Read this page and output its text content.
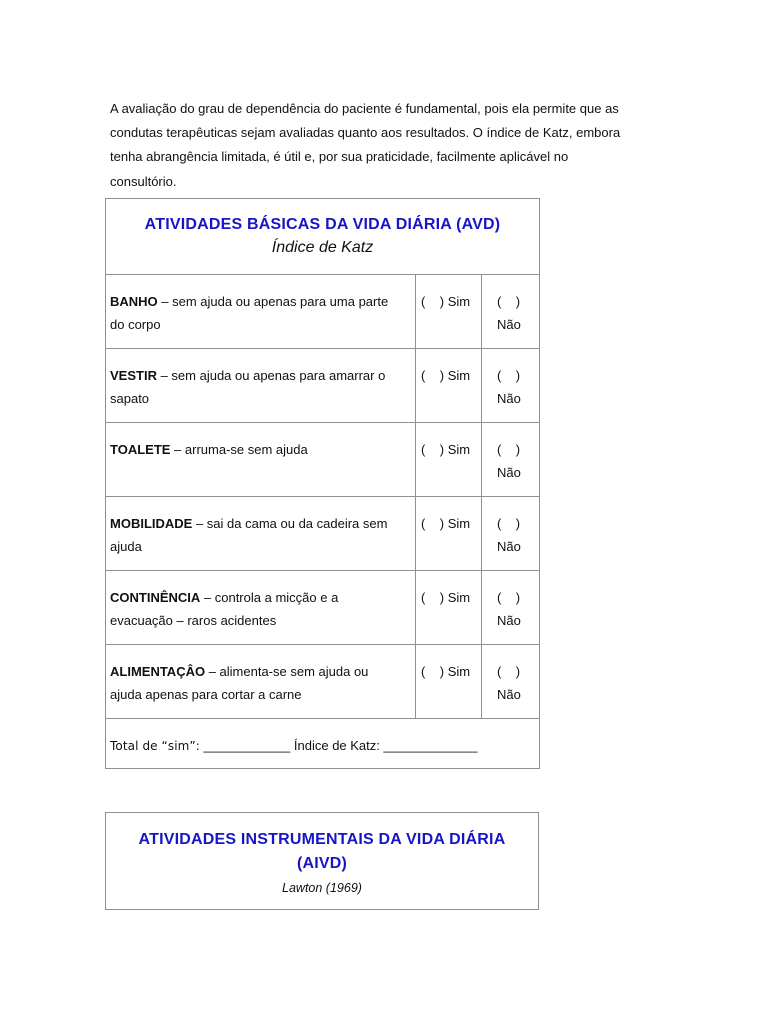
A avaliação do grau de dependência do paciente é fundamental, pois ela permite que as
condutas terapêuticas sejam avaliadas quanto aos resultados. O índice de Katz, embora
tenha abrangência limitada, é útil e, por sua praticidade, facilmente aplicável no
consultório.
ATIVIDADES BÁSICAS DA VIDA DIÁRIA (AVD)
Índice de Katz
BANHO – sem ajuda ou apenas para uma parte
do corpo
(    ) Sim (    )
Não
VESTIR – sem ajuda ou apenas para amarrar o
sapato
(    ) Sim (    )
Não
TOALETE – arruma-se sem ajuda	(    ) Sim (    )
Não
MOBILIDADE – sai da cama ou da cadeira sem
ajuda
(    ) Sim (    )
Não
CONTINÊNCIA – controla a micção e a
evacuação – raros acidentes
(    ) Sim (    )
Não
ALIMENTAÇÂO – alimenta-se sem ajuda ou
ajuda apenas para cortar a carne
(    ) Sim (    )
Não
Total de “sim”: ____________ Índice de Katz: _____________
ATIVIDADES INSTRUMENTAIS DA VIDA DIÁRIA
(AIVD)
Lawton (1969)
